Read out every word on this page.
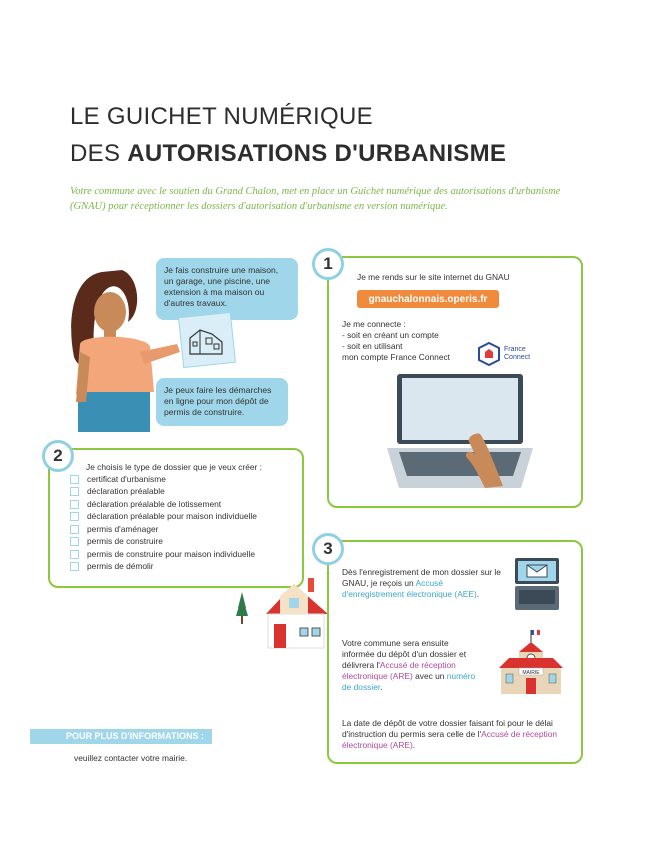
LE GUICHET NUMÉRIQUE
DES AUTORISATIONS D'URBANISME
Votre commune avec le soutien du Grand Chalon, met en place un Guichet numérique des autorisations d'urbanisme (GNAU) pour réceptionner les dossiers d'autorisation d'urbanisme en version numérique.
Je fais construire une maison, un garage, une piscine, une extension à ma maison ou d'autres travaux.
Je peux faire les démarches en ligne pour mon dépôt de permis de construire.
1
Je me rends sur le site internet du GNAU
gnauchalonnais.operis.fr
Je me connecte :
- soit en créant un compte
- soit en utilisant
mon compte France Connect
France
Connect
2
Je choisis le type de dossier que je veux créer :
certificat d'urbanisme
déclaration préalable
déclaration préalable de lotissement
déclaration préalable pour maison individuelle
permis d'aménager
permis de construire
permis de construire pour maison individuelle
permis de démolir
3
Dès l'enregistrement de mon dossier sur le GNAU, je reçois un Accusé d'enregistrement électronique (AEE).
Votre commune sera ensuite informée du dépôt d'un dossier et délivrera l'Accusé de réception électronique (ARE) avec un numéro de dossier.
MAIRIE
La date de dépôt de votre dossier faisant foi pour le délai d'instruction du permis sera celle de l'Accusé de réception électronique (ARE).
POUR PLUS D'INFORMATIONS :
veuillez contacter votre mairie.
